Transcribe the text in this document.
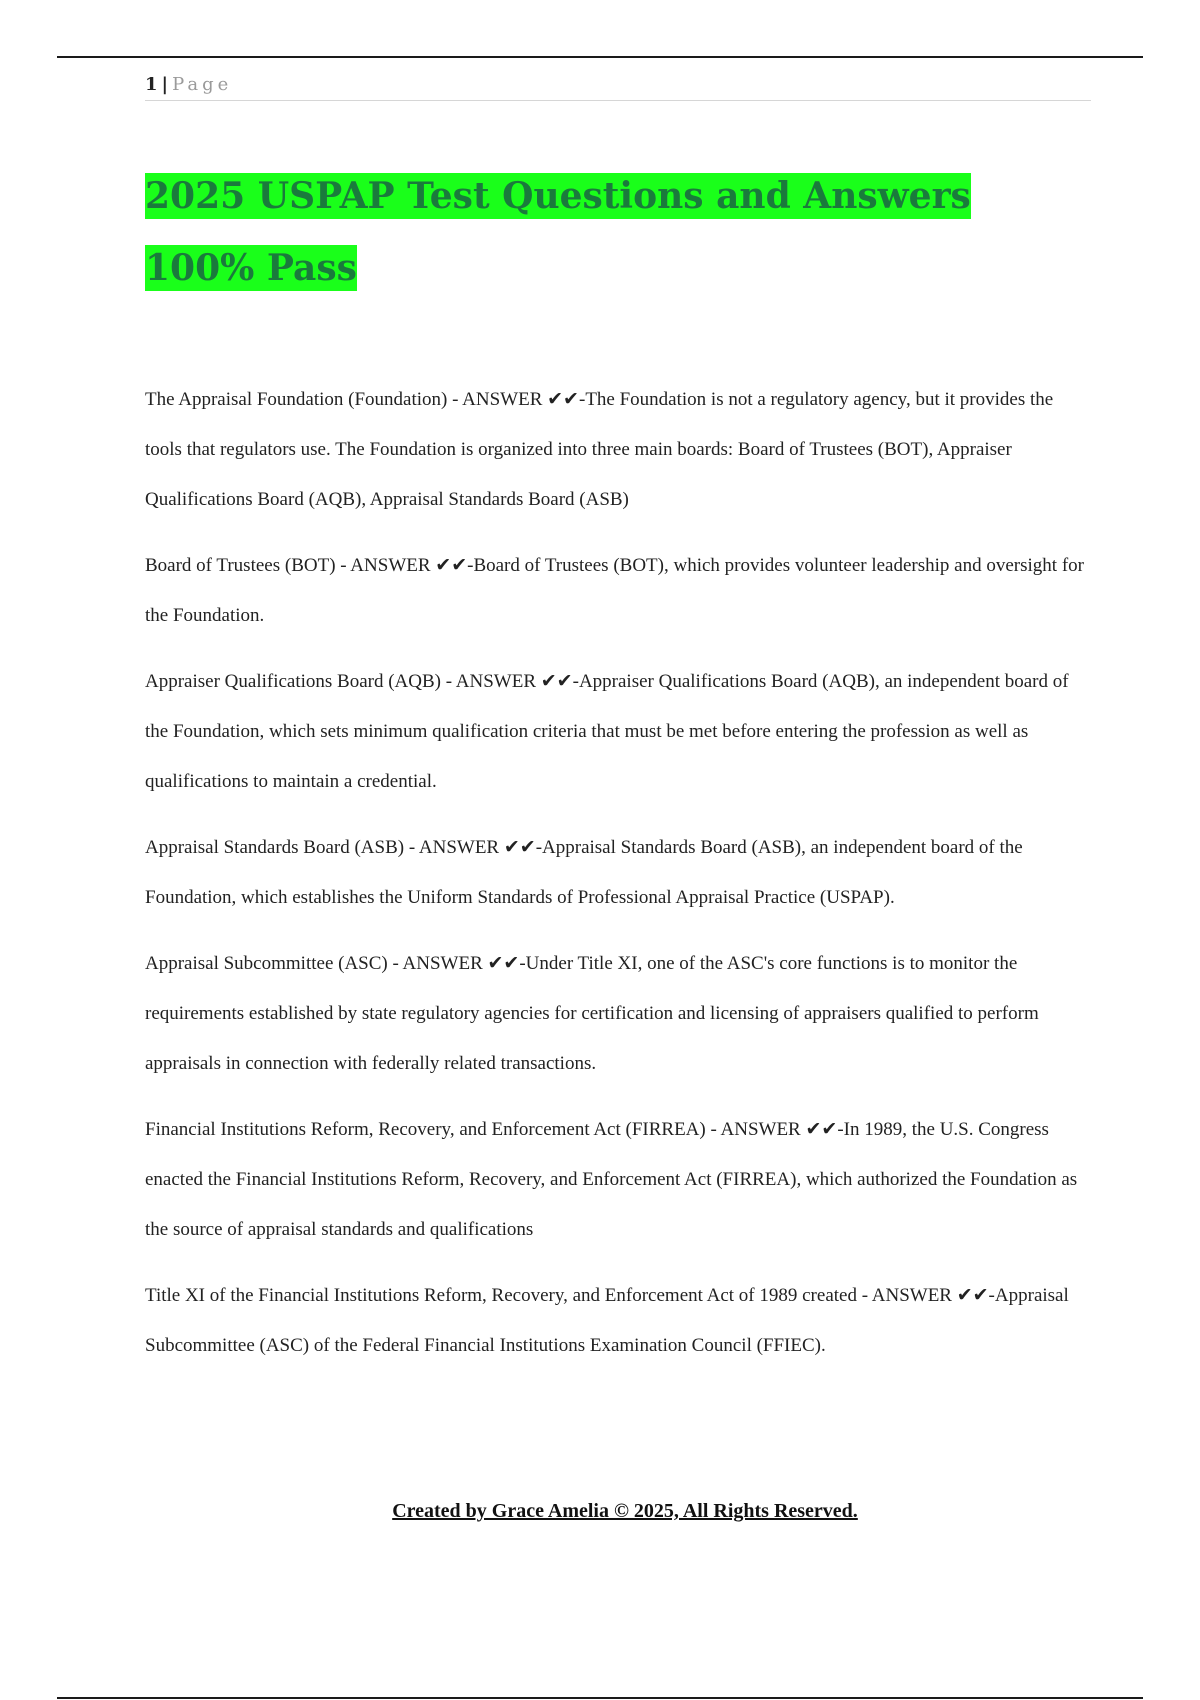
1 | Page
2025 USPAP Test Questions and Answers 100% Pass

The Appraisal Foundation (Foundation) - ANSWER ✔✔-The Foundation is not a regulatory agency, but it provides the tools that regulators use. The Foundation is organized into three main boards: Board of Trustees (BOT), Appraiser Qualifications Board (AQB), Appraisal Standards Board (ASB)

Board of Trustees (BOT) - ANSWER ✔✔-Board of Trustees (BOT), which provides volunteer leadership and oversight for the Foundation.

Appraiser Qualifications Board (AQB) - ANSWER ✔✔-Appraiser Qualifications Board (AQB), an independent board of the Foundation, which sets minimum qualification criteria that must be met before entering the profession as well as qualifications to maintain a credential.

Appraisal Standards Board (ASB) - ANSWER ✔✔-Appraisal Standards Board (ASB), an independent board of the Foundation, which establishes the Uniform Standards of Professional Appraisal Practice (USPAP).

Appraisal Subcommittee (ASC) - ANSWER ✔✔-Under Title XI, one of the ASC's core functions is to monitor the requirements established by state regulatory agencies for certification and licensing of appraisers qualified to perform appraisals in connection with federally related transactions.

Financial Institutions Reform, Recovery, and Enforcement Act (FIRREA) - ANSWER ✔✔-In 1989, the U.S. Congress enacted the Financial Institutions Reform, Recovery, and Enforcement Act (FIRREA), which authorized the Foundation as the source of appraisal standards and qualifications

Title XI of the Financial Institutions Reform, Recovery, and Enforcement Act of 1989 created - ANSWER ✔✔-Appraisal Subcommittee (ASC) of the Federal Financial Institutions Examination Council (FFIEC).

Created by Grace Amelia © 2025, All Rights Reserved.
